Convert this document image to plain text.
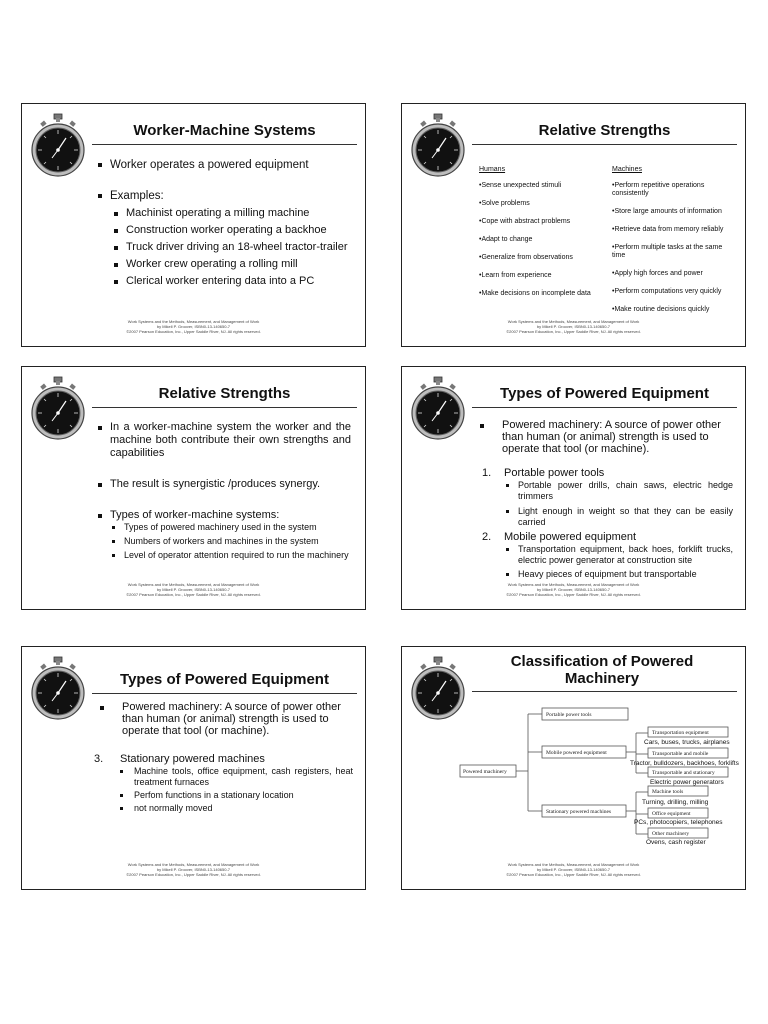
Worker-Machine Systems
Worker operates a powered equipment
Examples:
Machinist operating a milling machine
Construction worker operating a backhoe
Truck driver driving an 18-wheel tractor-trailer
Worker crew operating a rolling mill
Clerical worker entering data into a PC
Work Systems and the Methods, Measurement, and Management of Work
by Mikell P. Groover, ISBN0-13-140650-7
©2007 Pearson Education, Inc., Upper Saddle River, NJ. All rights reserved.
Relative Strengths
Humans
•Sense unexpected stimuli
•Solve problems
•Cope with abstract problems
•Adapt to change
•Generalize from observations
•Learn from experience
•Make decisions on incomplete data
Machines
•Perform repetitive operations consistently
•Store large amounts of information
•Retrieve data from memory reliably
•Perform multiple tasks at the same time
•Apply high forces and power
•Perform computations very quickly
•Make routine decisions quickly
Work Systems and the Methods, Measurement, and Management of Work
by Mikell P. Groover, ISBN0-13-140650-7
©2007 Pearson Education, Inc., Upper Saddle River, NJ. All rights reserved.
Relative Strengths
In a worker-machine system the worker and the machine both contribute their own strengths and capabilities
The result is synergistic /produces synergy.
Types of worker-machine systems:
Types of powered machinery used in the system
Numbers of workers and machines in the system
Level of operator attention required to run the machinery
Work Systems and the Methods, Measurement, and Management of Work
by Mikell P. Groover, ISBN0-13-140650-7
©2007 Pearson Education, Inc., Upper Saddle River, NJ. All rights reserved.
Types of Powered Equipment
Powered machinery: A source of power other than human (or animal) strength is used to operate that tool (or machine).
1. Portable power tools
Portable power drills, chain saws, electric hedge trimmers
Light enough in weight so that they can be easily carried
2. Mobile powered equipment
Transportation equipment, back hoes, forklift trucks, electric power generator at construction site
Heavy pieces of equipment but transportable
Work Systems and the Methods, Measurement, and Management of Work
by Mikell P. Groover, ISBN0-13-140650-7
©2007 Pearson Education, Inc., Upper Saddle River, NJ. All rights reserved.
Types of Powered Equipment
Powered machinery: A source of power other than human (or animal) strength is used to operate that tool (or machine).
3. Stationary powered machines
Machine tools, office equipment, cash registers, heat treatment furnaces
Perfom functions in a stationary location
not normally moved
Work Systems and the Methods, Measurement, and Management of Work
by Mikell P. Groover, ISBN0-13-140650-7
©2007 Pearson Education, Inc., Upper Saddle River, NJ. All rights reserved.
Classification of Powered Machinery
Powered machinery
Portable power tools
Mobile powered equipment
Stationary powered machines
Transportation equipment
Transportable and mobile
Transportable and stationary
Machine tools
Office equipment
Other machinery
Cars, buses, trucks, airplanes
Tractor, bulldozers, backhoes, forklifts
Electric power generators
Turning, drilling, milling
PCs, photocopiers, telephones
Ovens, cash register
Work Systems and the Methods, Measurement, and Management of Work
by Mikell P. Groover, ISBN0-13-140650-7
©2007 Pearson Education, Inc., Upper Saddle River, NJ. All rights reserved.
